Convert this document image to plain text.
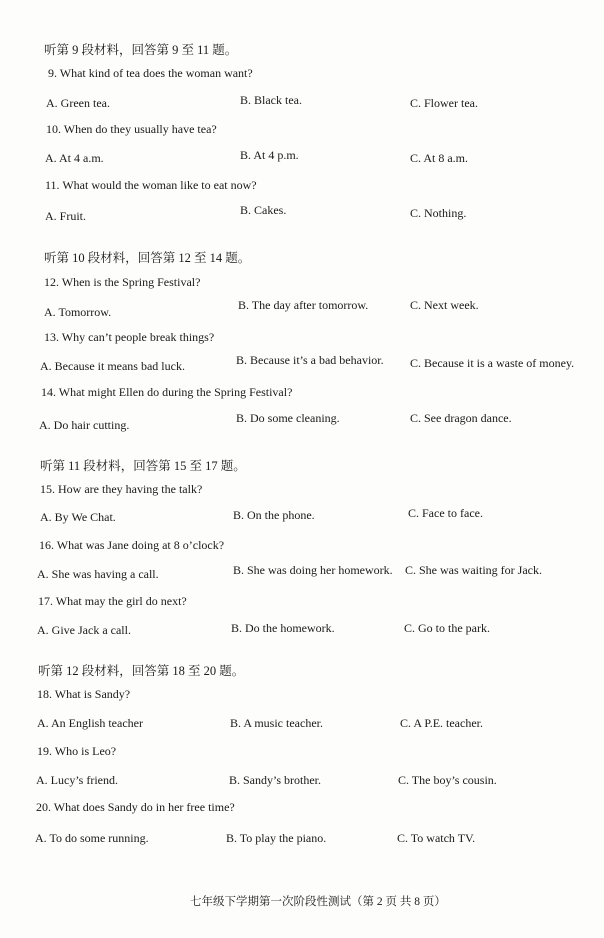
听第 9 段材料，回答第 9 至 11 题。
9. What kind of tea does the woman want?
A. Green tea.	B. Black tea.	C. Flower tea.
10. When do they usually have tea?
A. At 4 a.m.	B. At 4 p.m.	C. At 8 a.m.
11. What would the woman like to eat now?
A. Fruit.	B. Cakes.	C. Nothing.
听第 10 段材料，回答第 12 至 14 题。
12. When is the Spring Festival?
A. Tomorrow.	B. The day after tomorrow.	C. Next week.
13. Why can’t people break things?
A. Because it means bad luck.	B. Because it’s a bad behavior. C. Because it is a waste of money.
14. What might Ellen do during the Spring Festival?
A. Do hair cutting.	B. Do some cleaning.	C. See dragon dance.
听第 11 段材料，回答第 15 至 17 题。
15. How are they having the talk?
A. By We Chat.	B. On the phone.	C. Face to face.
16. What was Jane doing at 8 o’clock?
A. She was having a call.	B. She was doing her homework. C. She was waiting for Jack.
17. What may the girl do next?
A. Give Jack a call.	B. Do the homework.	C. Go to the park.
听第 12 段材料，回答第 18 至 20 题。
18. What is Sandy?
A. An English teacher	B. A music teacher.	C. A P.E. teacher.
19. Who is Leo?
A. Lucy’s friend.	B. Sandy’s brother.	C. The boy’s cousin.
20. What does Sandy do in her free time?
A. To do some running.	B. To play the piano.	C. To watch TV.
七年级下学期第一次阶段性测试（第 2 页 共 8 页）
